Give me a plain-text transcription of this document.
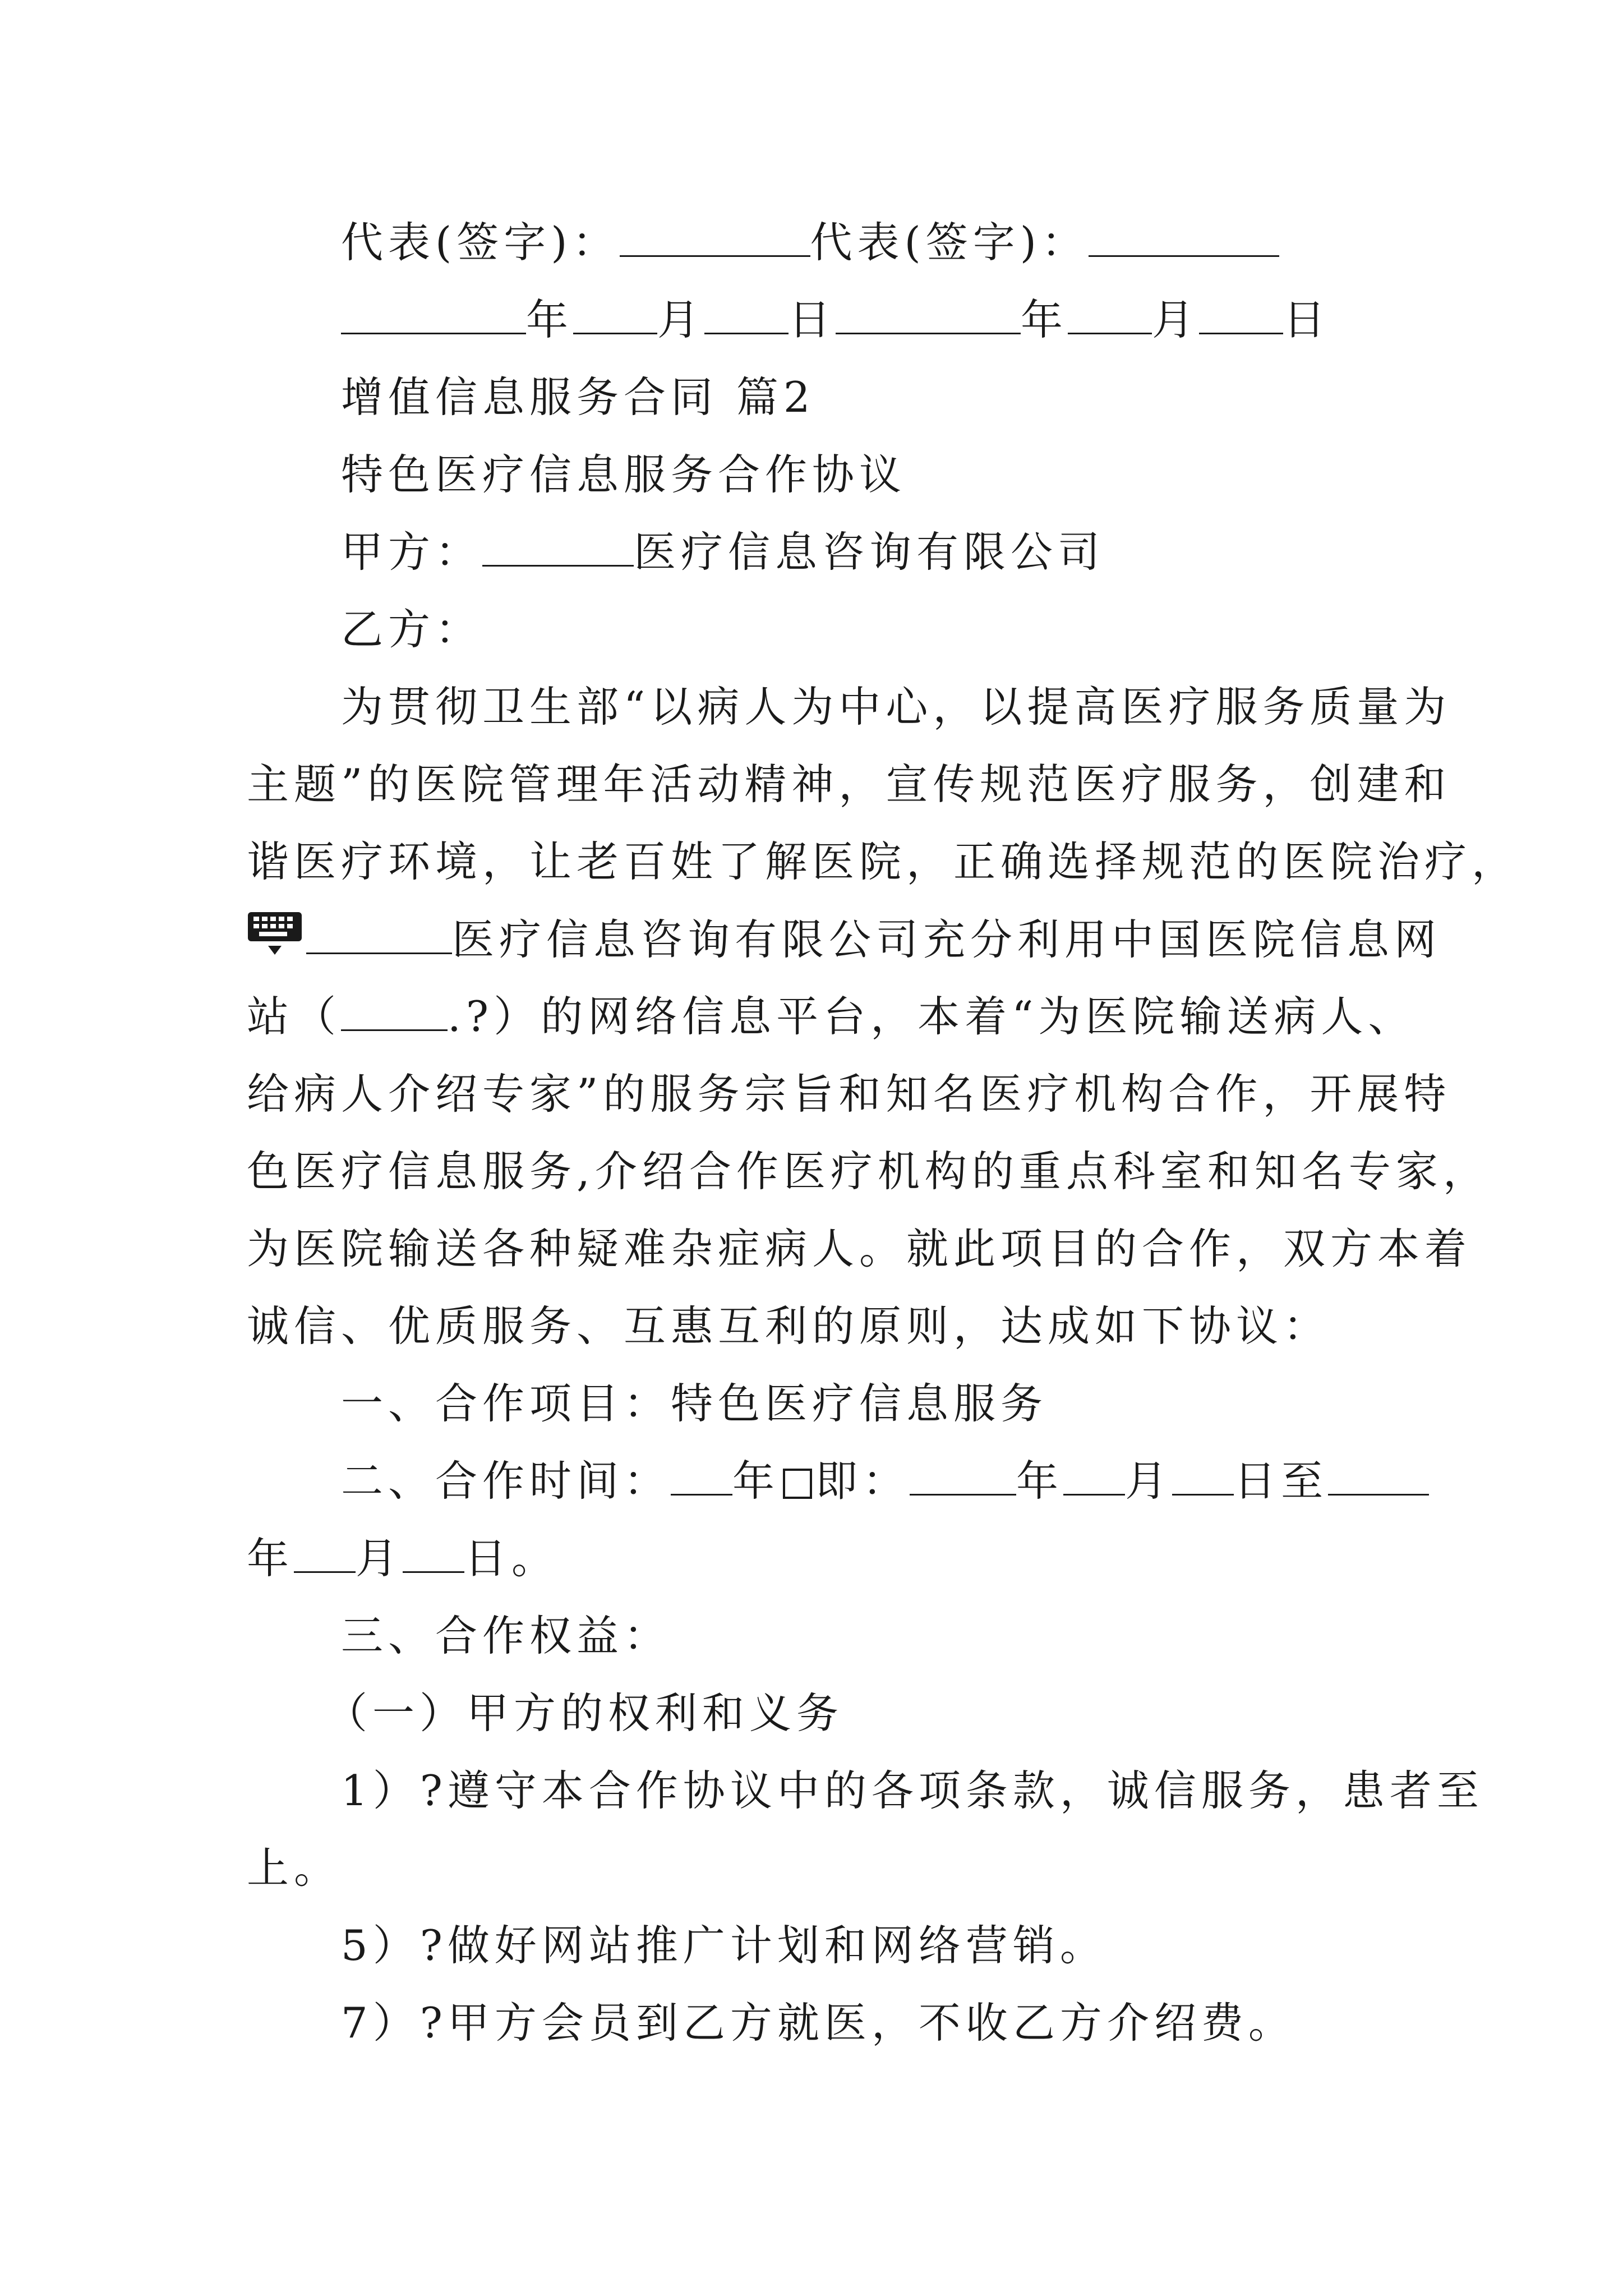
代表(签字)：	代表(签字)：
年 月 日	年 月 日
增值信息服务合同 篇2
特色医疗信息服务合作协议
甲方：	医疗信息咨询有限公司
乙方：
为贯彻卫生部“以病人为中心，以提高医疗服务质量为
主题”的医院管理年活动精神，宣传规范医疗服务，创建和
谐医疗环境，让老百姓了解医院，正确选择规范的医院治疗，
医疗信息咨询有限公司充分利用中国医院信息网
站（	.?）的网络信息平台，本着“为医院输送病人、
给病人介绍专家”的服务宗旨和知名医疗机构合作，开展特
色医疗信息服务,介绍合作医疗机构的重点科室和知名专家，
为医院输送各种疑难杂症病人。就此项目的合作，双方本着
诚信、优质服务、互惠互利的原则，达成如下协议：
一、合作项目：特色医疗信息服务
二、合作时间： 年 即：	年 月 日至
年 月 日。
三、合作权益：
（一）甲方的权利和义务
1）?遵守本合作协议中的各项条款，诚信服务，患者至
上。
5）?做好网站推广计划和网络营销。
7）?甲方会员到乙方就医，不收乙方介绍费。
